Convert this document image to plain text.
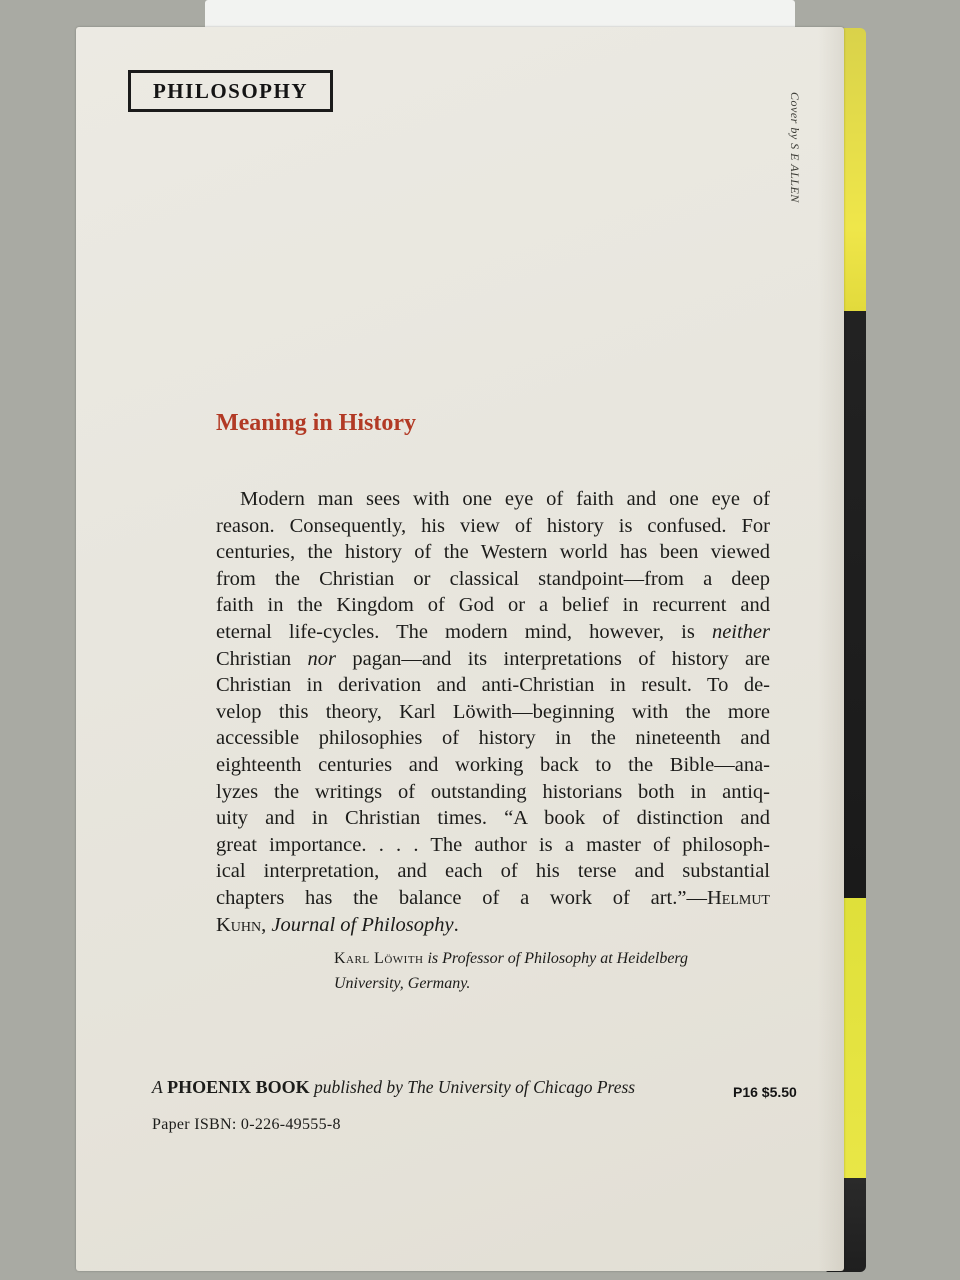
PHILOSOPHY
Cover by S E ALLEN
Meaning in History
Modern man sees with one eye of faith and one eye of
reason. Consequently, his view of history is confused. For
centuries, the history of the Western world has been viewed
from the Christian or classical standpoint—from a deep
faith in the Kingdom of God or a belief in recurrent and
eternal life-cycles. The modern mind, however, is neither
Christian nor pagan—and its interpretations of history are
Christian in derivation and anti-Christian in result. To de-
velop this theory, Karl Löwith—beginning with the more
accessible philosophies of history in the nineteenth and
eighteenth centuries and working back to the Bible—ana-
lyzes the writings of outstanding historians both in antiq-
uity and in Christian times. “A book of distinction and
great importance. . . . The author is a master of philosoph-
ical interpretation, and each of his terse and substantial
chapters has the balance of a work of art.”—Helmut
Kuhn, Journal of Philosophy.
Karl Löwith is Professor of Philosophy at Heidelberg
University, Germany.
A PHOENIX BOOK published by The University of Chicago Press	P16 $5.50
Paper ISBN: 0-226-49555-8
